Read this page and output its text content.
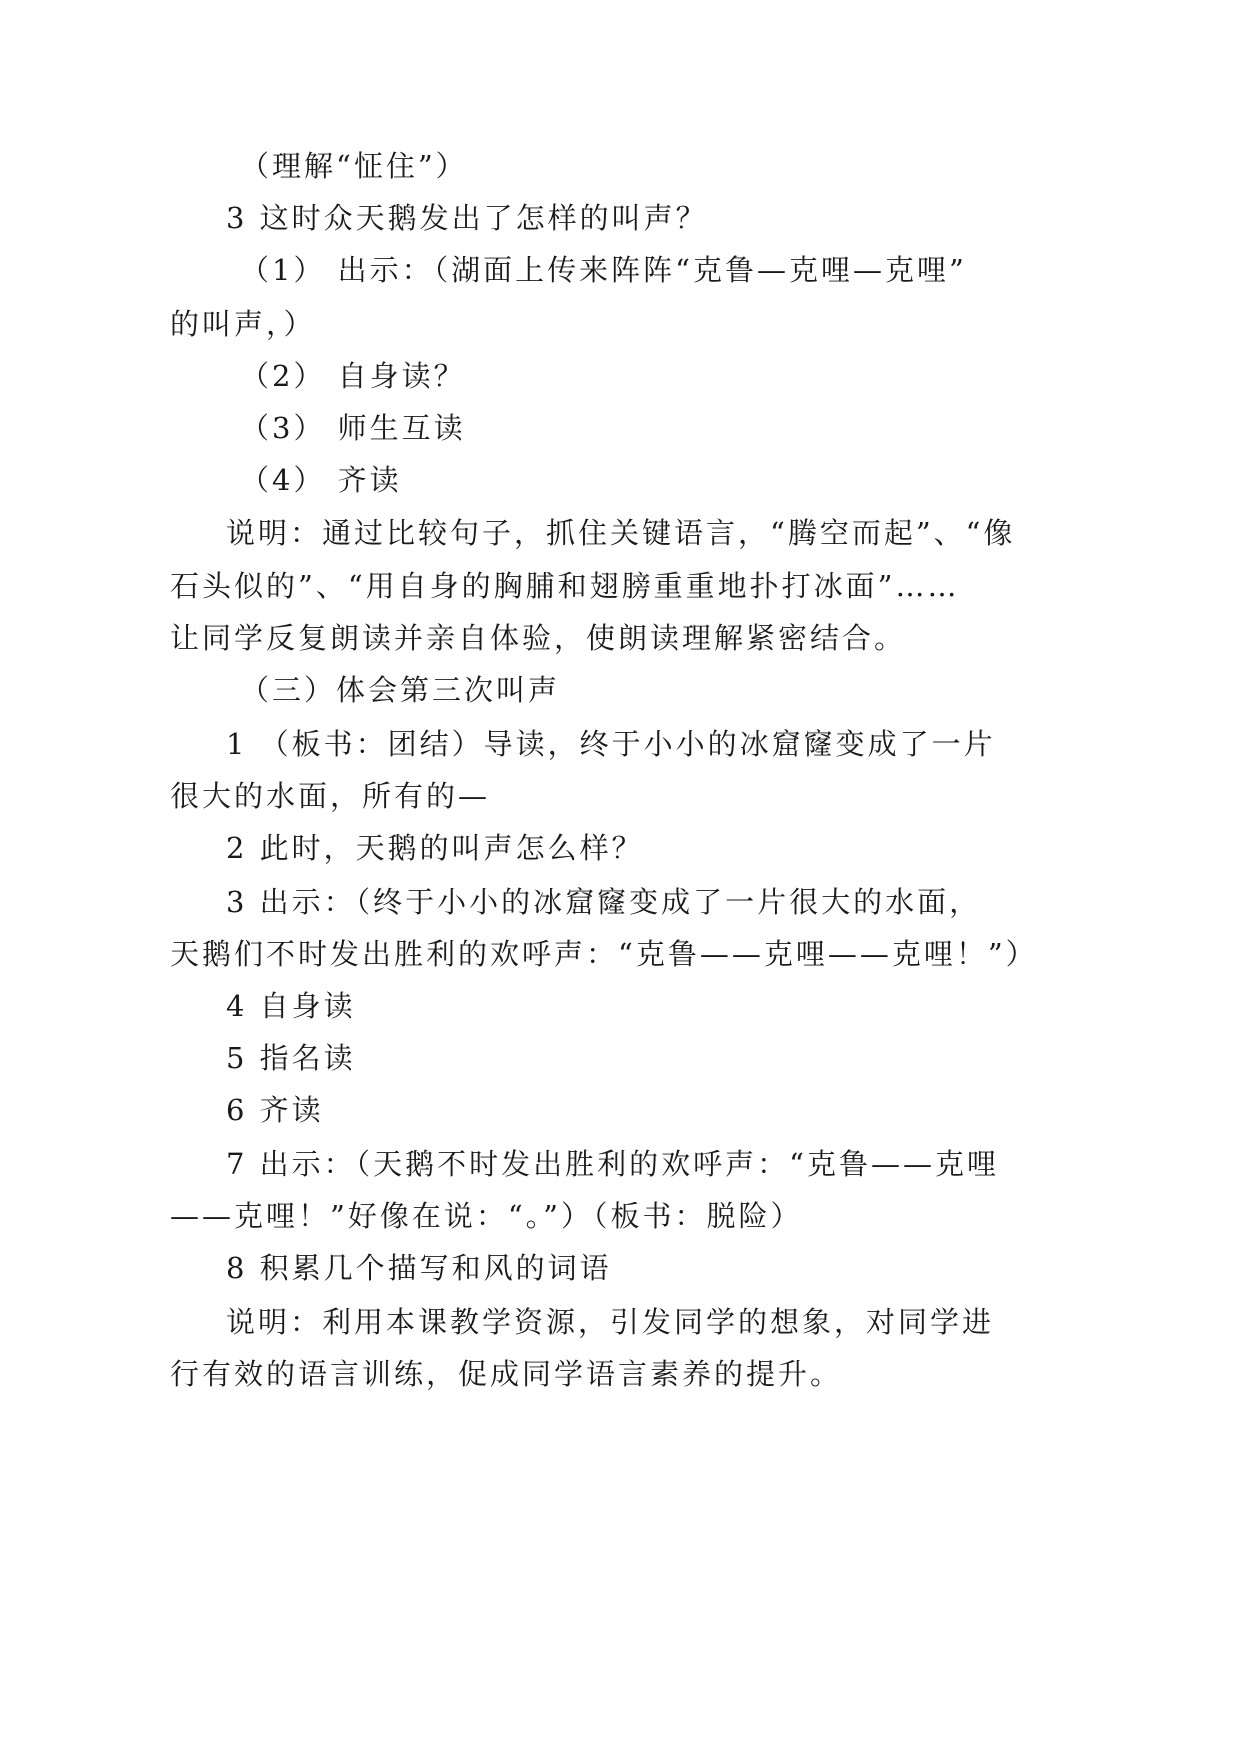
（理解“怔住”）
3 这时众天鹅发出了怎样的叫声？
（1） 出示：（湖面上传来阵阵“克鲁—克哩—克哩”
的叫声，）
（2） 自身读？
（3） 师生互读
（4） 齐读
说明：通过比较句子，抓住关键语言，“腾空而起”、“像
石头似的”、“用自身的胸脯和翅膀重重地扑打冰面”……
让同学反复朗读并亲自体验，使朗读理解紧密结合。
（三）体会第三次叫声
1 （板书：团结）导读，终于小小的冰窟窿变成了一片
很大的水面，所有的—
2 此时，天鹅的叫声怎么样？
3 出示：（终于小小的冰窟窿变成了一片很大的水面，
天鹅们不时发出胜利的欢呼声：“克鲁——克哩——克哩！”）
4 自身读
5 指名读
6 齐读
7 出示：（天鹅不时发出胜利的欢呼声：“克鲁——克哩
——克哩！”好像在说：“。”）（板书：脱险）
8 积累几个描写和风的词语
说明：利用本课教学资源，引发同学的想象，对同学进
行有效的语言训练，促成同学语言素养的提升。
